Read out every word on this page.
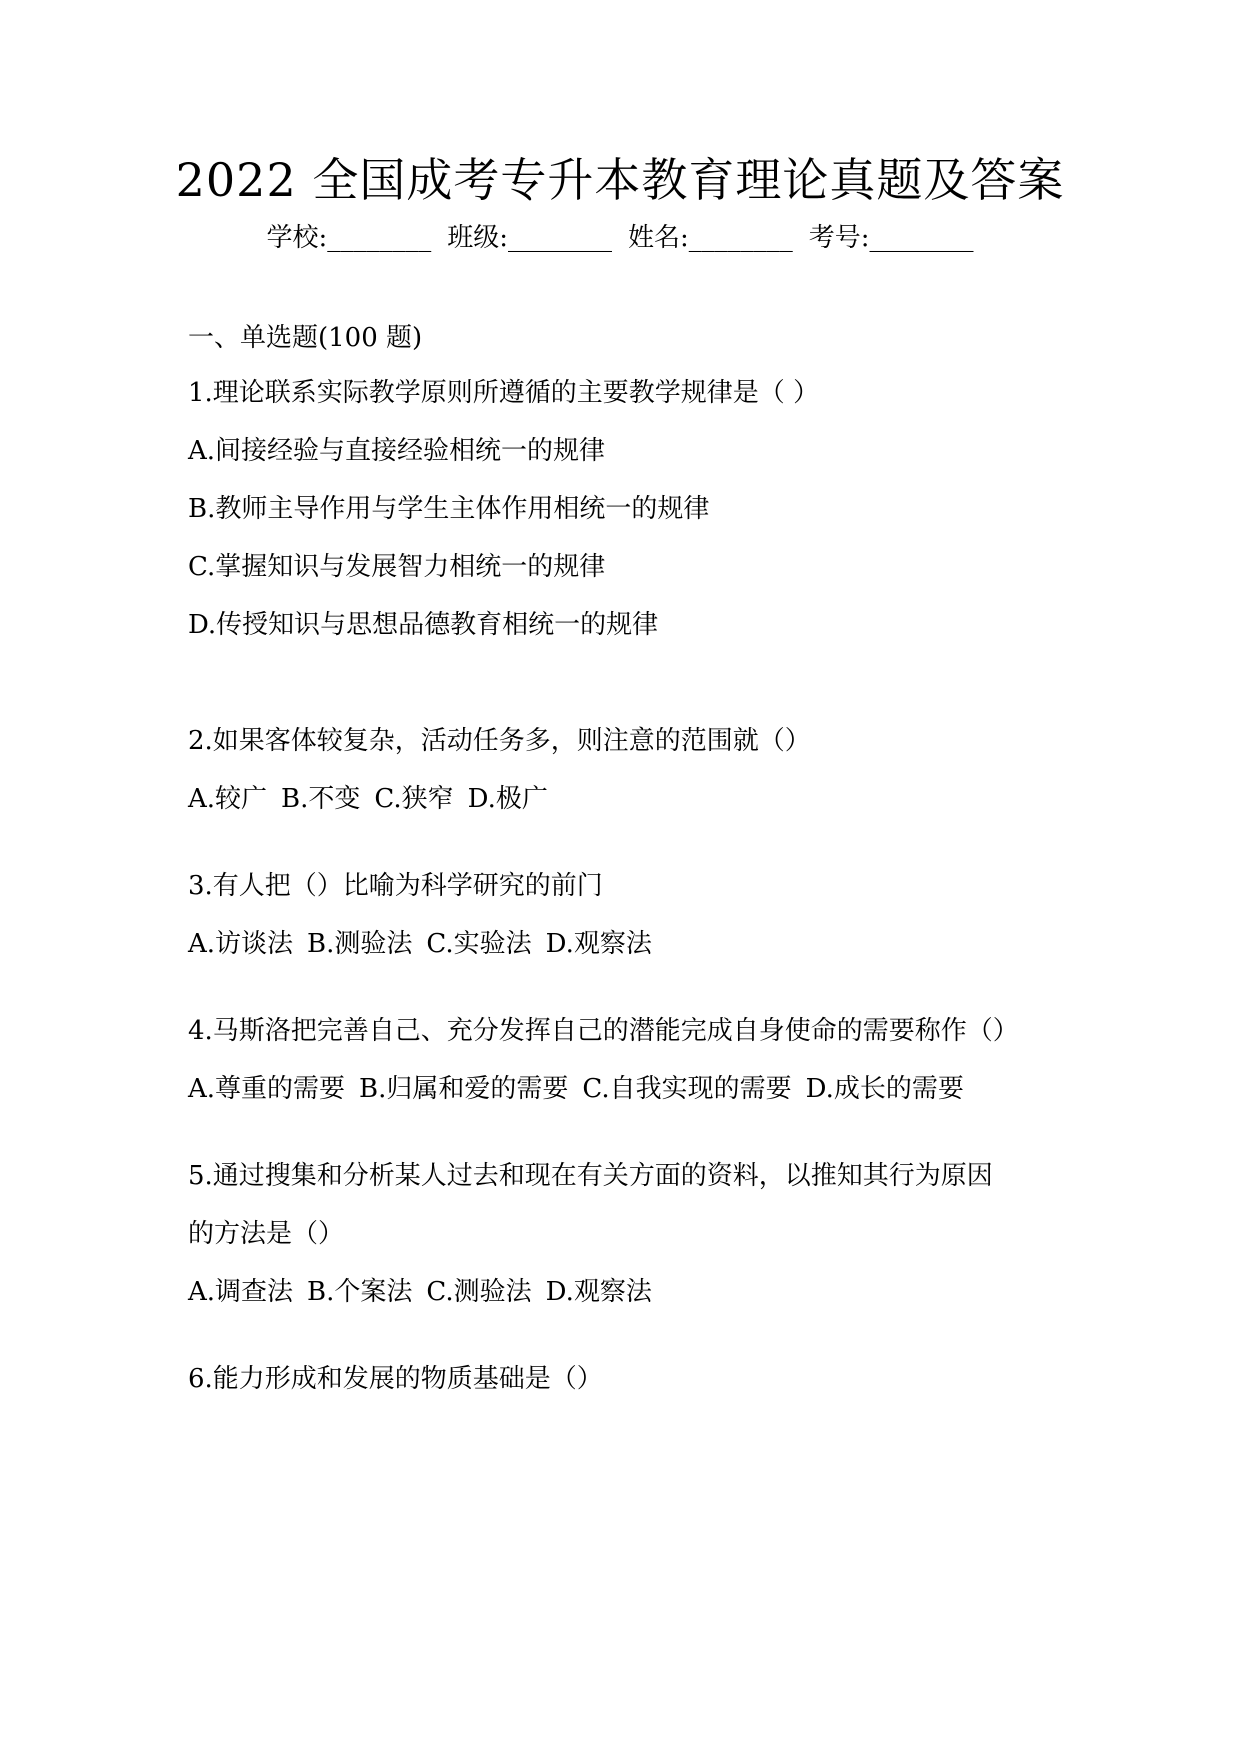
2022 全国成考专升本教育理论真题及答案
学校:________ 班级:________ 姓名:________ 考号:________
一、单选题(100 题)
1.理论联系实际教学原则所遵循的主要教学规律是（ ）
A.间接经验与直接经验相统一的规律
B.教师主导作用与学生主体作用相统一的规律
C.掌握知识与发展智力相统一的规律
D.传授知识与思想品德教育相统一的规律
2.如果客体较复杂，活动任务多，则注意的范围就（）
A.较广 B.不变 C.狭窄 D.极广
3.有人把（）比喻为科学研究的前门
A.访谈法 B.测验法 C.实验法 D.观察法
4.马斯洛把完善自己、充分发挥自己的潜能完成自身使命的需要称作（）
A.尊重的需要 B.归属和爱的需要 C.自我实现的需要 D.成长的需要
5.通过搜集和分析某人过去和现在有关方面的资料，以推知其行为原因
的方法是（）
A.调查法 B.个案法 C.测验法 D.观察法
6.能力形成和发展的物质基础是（）
